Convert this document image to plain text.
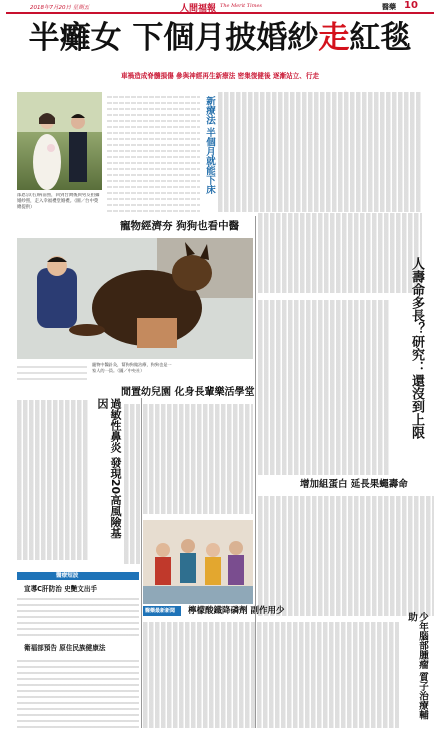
2018年7月20日 星期五	人間福報 The Merit Times	醫藥 10
半癱女 下個月披婚紗走紅毯
車禍造成脊髓損傷 參與神經再生新療法 密集復健後 逐漸站立、行走
邵恩宗(右)病前照，回到台灣後與男友拍攝婚紗照，走入幸福禮堂婚禮。（圖／台中榮總提供）
新療法 半個月就能下床
寵物經濟夯 狗狗也看中醫
寵物中醫針灸，幫狗狗做治療，狗狗也是一家人的一員。（圖／中央社）
閒置幼兒園 化身長輩樂活學堂
過敏性鼻炎 發現20高風險基因	人壽命多長？研究：還沒到上限
增加組蛋白 延長果蠅壽命
醫療短波
宣導C肝防治 史艷文出手
衛福部預告 原住民族健康法
醫藥最新新聞 檸檬酸鐵降磷劑 副作用少
少年腦部腫瘤 質子治療輔助
